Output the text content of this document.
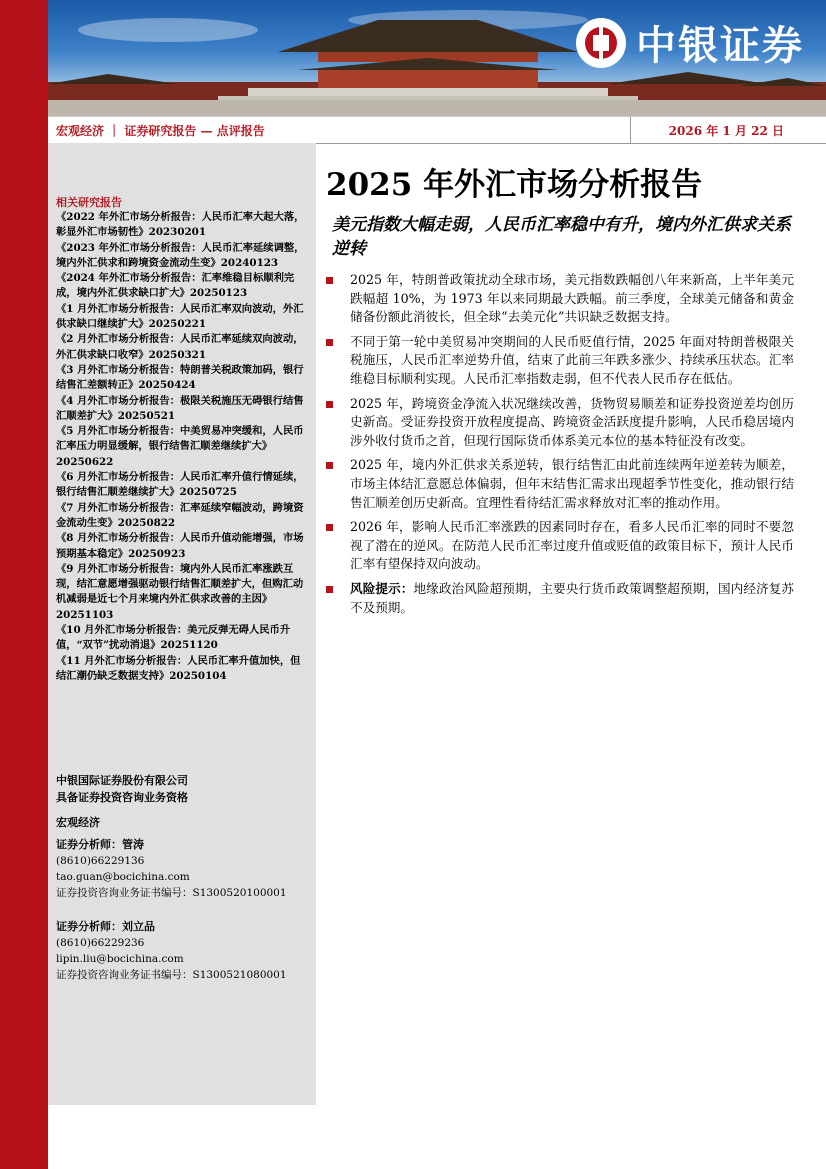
中银证券
宏观经济 ｜ 证券研究报告 — 点评报告	2026 年 1 月 22 日
相关研究报告
《2022 年外汇市场分析报告：人民币汇率大起大落，彰显外汇市场韧性》20230201
《2023 年外汇市场分析报告：人民币汇率延续调整，境内外汇供求和跨境资金流动生变》20240123
《2024 年外汇市场分析报告：汇率维稳目标顺利完成，境内外汇供求缺口扩大》20250123
《1 月外汇市场分析报告：人民币汇率双向波动，外汇供求缺口继续扩大》20250221
《2 月外汇市场分析报告：人民币汇率延续双向波动，外汇供求缺口收窄》20250321
《3 月外汇市场分析报告：特朗普关税政策加码，银行结售汇差额转正》20250424
《4 月外汇市场分析报告：极限关税施压无碍银行结售汇顺差扩大》20250521
《5 月外汇市场分析报告：中美贸易冲突缓和，人民币汇率压力明显缓解，银行结售汇顺差继续扩大》20250622
《6 月外汇市场分析报告：人民币汇率升值行情延续，银行结售汇顺差继续扩大》20250725
《7 月外汇市场分析报告：汇率延续窄幅波动，跨境资金流动生变》20250822
《8 月外汇市场分析报告：人民币升值动能增强，市场预期基本稳定》20250923
《9 月外汇市场分析报告：境内外人民币汇率涨跌互现，结汇意愿增强驱动银行结售汇顺差扩大，但购汇动机减弱是近七个月来境内外汇供求改善的主因》20251103
《10 月外汇市场分析报告：美元反弹无碍人民币升值，“双节”扰动消退》20251120
《11 月外汇市场分析报告：人民币汇率升值加快，但结汇潮仍缺乏数据支持》20250104
中银国际证券股份有限公司
具备证券投资咨询业务资格
宏观经济
证券分析师：管涛
(8610)66229136
tao.guan@bocichina.com
证券投资咨询业务证书编号：S1300520100001
证券分析师：刘立品
(8610)66229236
lipin.liu@bocichina.com
证券投资咨询业务证书编号：S1300521080001
2025 年外汇市场分析报告
美元指数大幅走弱，人民币汇率稳中有升，境内外汇供求关系逆转
2025 年，特朗普政策扰动全球市场，美元指数跌幅创八年来新高，上半年美元跌幅超 10%，为 1973 年以来同期最大跌幅。前三季度，全球美元储备和黄金储备份额此消彼长，但全球“去美元化”共识缺乏数据支持。
不同于第一轮中美贸易冲突期间的人民币贬值行情，2025 年面对特朗普极限关税施压，人民币汇率逆势升值，结束了此前三年跌多涨少、持续承压状态。汇率维稳目标顺利实现。人民币汇率指数走弱，但不代表人民币存在低估。
2025 年，跨境资金净流入状况继续改善，货物贸易顺差和证券投资逆差均创历史新高。受证券投资开放程度提高、跨境资金活跃度提升影响，人民币稳居境内涉外收付货币之首，但现行国际货币体系美元本位的基本特征没有改变。
2025 年，境内外汇供求关系逆转，银行结售汇由此前连续两年逆差转为顺差，市场主体结汇意愿总体偏弱，但年末结售汇需求出现超季节性变化，推动银行结售汇顺差创历史新高。宜理性看待结汇需求释放对汇率的推动作用。
2026 年，影响人民币汇率涨跌的因素同时存在，看多人民币汇率的同时不要忽视了潜在的逆风。在防范人民币汇率过度升值或贬值的政策目标下，预计人民币汇率有望保持双向波动。
风险提示：地缘政治风险超预期，主要央行货币政策调整超预期，国内经济复苏不及预期。
